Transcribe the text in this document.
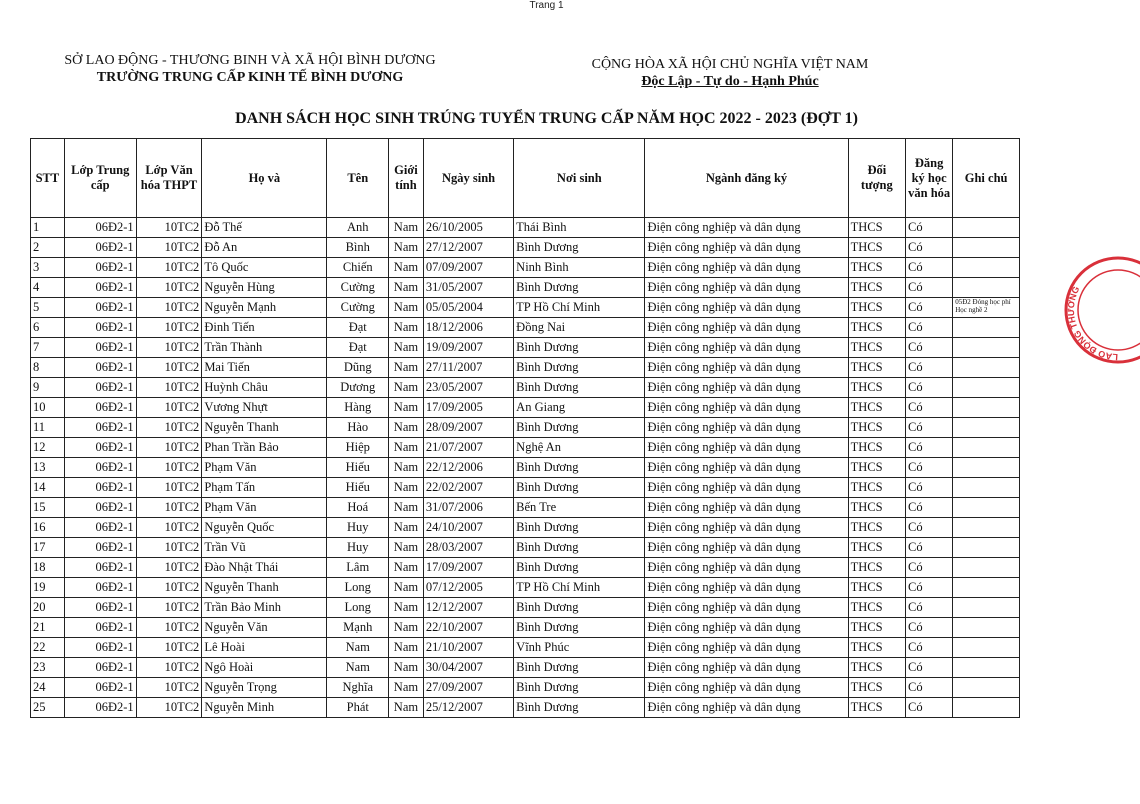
Trang 1
SỞ LAO ĐỘNG - THƯƠNG BINH VÀ XÃ HỘI BÌNH DƯƠNG
TRƯỜNG TRUNG CẤP KINH TẾ BÌNH DƯƠNG
CỘNG HÒA XÃ HỘI CHỦ NGHĨA VIỆT NAM
Độc Lập - Tự do - Hạnh Phúc
DANH SÁCH HỌC SINH TRÚNG TUYỂN TRUNG CẤP NĂM HỌC 2022 - 2023 (ĐỢT 1)
STT	Lớp Trung cấp	Lớp Văn hóa THPT	Họ và	Tên	Giới tính	Ngày sinh	Nơi sinh	Ngành đăng ký	Đối tượng	Đăng ký học văn hóa	Ghi chú
1	06Đ2-1	10TC2	Đỗ Thế	Anh	Nam	26/10/2005	Thái Bình	Điện công nghiệp và dân dụng	THCS	Có	
2	06Đ2-1	10TC2	Đỗ An	Bình	Nam	27/12/2007	Bình Dương	Điện công nghiệp và dân dụng	THCS	Có	
3	06Đ2-1	10TC2	Tô Quốc	Chiến	Nam	07/09/2007	Ninh Bình	Điện công nghiệp và dân dụng	THCS	Có	
4	06Đ2-1	10TC2	Nguyễn Hùng	Cường	Nam	31/05/2007	Bình Dương	Điện công nghiệp và dân dụng	THCS	Có	
5	06Đ2-1	10TC2	Nguyễn Mạnh	Cường	Nam	05/05/2004	TP Hồ Chí Minh	Điện công nghiệp và dân dụng	THCS	Có	05Đ2 Đóng học phí Học nghề 2
6	06Đ2-1	10TC2	Đinh Tiến	Đạt	Nam	18/12/2006	Đồng Nai	Điện công nghiệp và dân dụng	THCS	Có	
7	06Đ2-1	10TC2	Trần Thành	Đạt	Nam	19/09/2007	Bình Dương	Điện công nghiệp và dân dụng	THCS	Có	
8	06Đ2-1	10TC2	Mai Tiến	Dũng	Nam	27/11/2007	Bình Dương	Điện công nghiệp và dân dụng	THCS	Có	
9	06Đ2-1	10TC2	Huỳnh Châu	Dương	Nam	23/05/2007	Bình Dương	Điện công nghiệp và dân dụng	THCS	Có	
10	06Đ2-1	10TC2	Vương Nhựt	Hàng	Nam	17/09/2005	An Giang	Điện công nghiệp và dân dụng	THCS	Có	
11	06Đ2-1	10TC2	Nguyễn Thanh	Hào	Nam	28/09/2007	Bình Dương	Điện công nghiệp và dân dụng	THCS	Có	
12	06Đ2-1	10TC2	Phan Trần Bảo	Hiệp	Nam	21/07/2007	Nghệ An	Điện công nghiệp và dân dụng	THCS	Có	
13	06Đ2-1	10TC2	Phạm Văn	Hiếu	Nam	22/12/2006	Bình Dương	Điện công nghiệp và dân dụng	THCS	Có	
14	06Đ2-1	10TC2	Phạm Tấn	Hiếu	Nam	22/02/2007	Bình Dương	Điện công nghiệp và dân dụng	THCS	Có	
15	06Đ2-1	10TC2	Phạm Văn	Hoá	Nam	31/07/2006	Bến Tre	Điện công nghiệp và dân dụng	THCS	Có	
16	06Đ2-1	10TC2	Nguyễn Quốc	Huy	Nam	24/10/2007	Bình Dương	Điện công nghiệp và dân dụng	THCS	Có	
17	06Đ2-1	10TC2	Trần Vũ	Huy	Nam	28/03/2007	Bình Dương	Điện công nghiệp và dân dụng	THCS	Có	
18	06Đ2-1	10TC2	Đào Nhật Thái	Lâm	Nam	17/09/2007	Bình Dương	Điện công nghiệp và dân dụng	THCS	Có	
19	06Đ2-1	10TC2	Nguyễn Thanh	Long	Nam	07/12/2005	TP Hồ Chí Minh	Điện công nghiệp và dân dụng	THCS	Có	
20	06Đ2-1	10TC2	Trần Bảo Minh	Long	Nam	12/12/2007	Bình Dương	Điện công nghiệp và dân dụng	THCS	Có	
21	06Đ2-1	10TC2	Nguyễn Văn	Mạnh	Nam	22/10/2007	Bình Dương	Điện công nghiệp và dân dụng	THCS	Có	
22	06Đ2-1	10TC2	Lê Hoài	Nam	Nam	21/10/2007	Vĩnh Phúc	Điện công nghiệp và dân dụng	THCS	Có	
23	06Đ2-1	10TC2	Ngô Hoài	Nam	Nam	30/04/2007	Bình Dương	Điện công nghiệp và dân dụng	THCS	Có	
24	06Đ2-1	10TC2	Nguyễn Trọng	Nghĩa	Nam	27/09/2007	Bình Dương	Điện công nghiệp và dân dụng	THCS	Có	
25	06Đ2-1	10TC2	Nguyễn Minh	Phát	Nam	25/12/2007	Bình Dương	Điện công nghiệp và dân dụng	THCS	Có	
LAO ĐỘNG THƯƠNG
